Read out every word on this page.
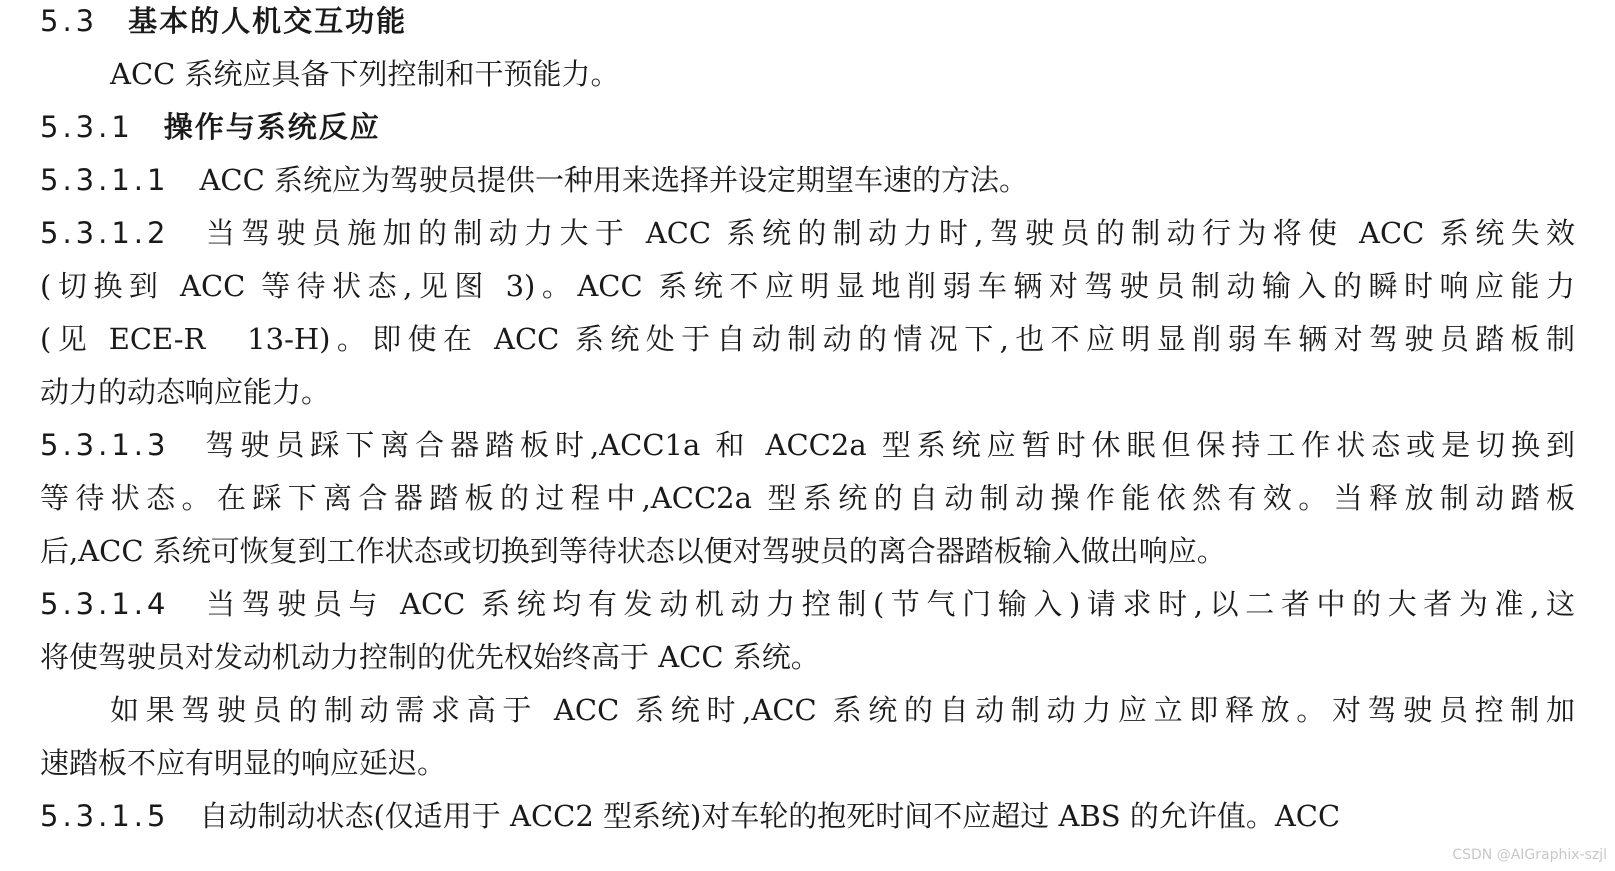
5.3 基本的人机交互功能
ACC 系统应具备下列控制和干预能力。
5.3.1 操作与系统反应
5.3.1.1 ACC 系统应为驾驶员提供一种用来选择并设定期望车速的方法。
5.3.1.2 当驾驶员施加的制动力大于 ACC 系统的制动力时,驾驶员的制动行为将使 ACC 系统失效
(切换到 ACC 等待状态,见图 3)。ACC 系统不应明显地削弱车辆对驾驶员制动输入的瞬时响应能力
(见 ECE-R　13-H)。即使在 ACC 系统处于自动制动的情况下,也不应明显削弱车辆对驾驶员踏板制
动力的动态响应能力。
5.3.1.3 驾驶员踩下离合器踏板时,ACC1a 和 ACC2a 型系统应暂时休眠但保持工作状态或是切换到
等待状态。在踩下离合器踏板的过程中,ACC2a 型系统的自动制动操作能依然有效。当释放制动踏板
后,ACC 系统可恢复到工作状态或切换到等待状态以便对驾驶员的离合器踏板输入做出响应。
5.3.1.4 当驾驶员与 ACC 系统均有发动机动力控制(节气门输入)请求时,以二者中的大者为准,这
将使驾驶员对发动机动力控制的优先权始终高于 ACC 系统。
如果驾驶员的制动需求高于 ACC 系统时,ACC 系统的自动制动力应立即释放。对驾驶员控制加
速踏板不应有明显的响应延迟。
5.3.1.5 自动制动状态(仅适用于 ACC2 型系统)对车轮的抱死时间不应超过 ABS 的允许值。ACC
CSDN @AIGraphix-szjl
